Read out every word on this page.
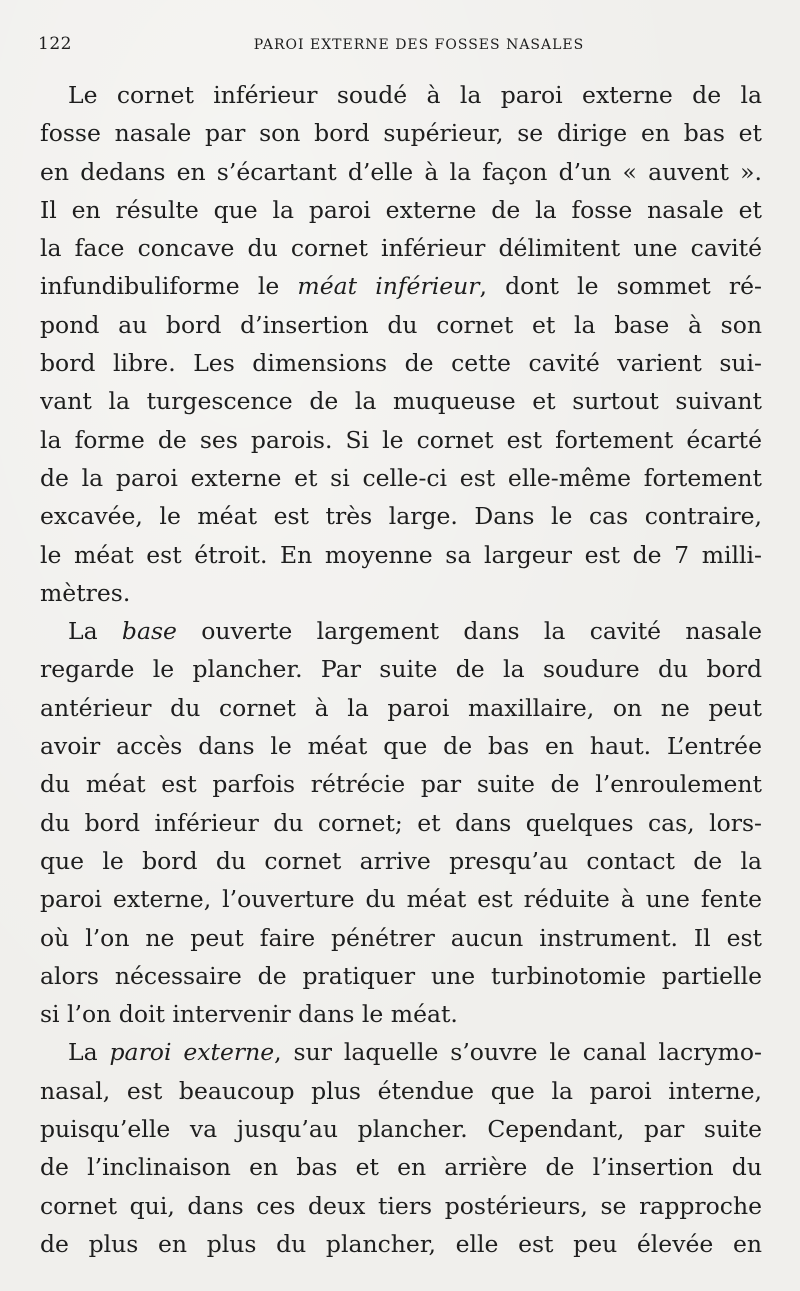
122	PAROI EXTERNE DES FOSSES NASALES
Le cornet inférieur soudé à la paroi externe de la
fosse nasale par son bord supérieur, se dirige en bas et
en dedans en s’écartant d’elle à la façon d’un « auvent ».
Il en résulte que la paroi externe de la fosse nasale et
la face concave du cornet inférieur délimitent une cavité
infundibuliforme le méat inférieur, dont le sommet ré-
pond au bord d’insertion du cornet et la base à son
bord libre. Les dimensions de cette cavité varient sui-
vant la turgescence de la muqueuse et surtout suivant
la forme de ses parois. Si le cornet est fortement écarté
de la paroi externe et si celle-ci est elle-même fortement
excavée, le méat est très large. Dans le cas contraire,
le méat est étroit. En moyenne sa largeur est de 7 milli-
mètres.
La base ouverte largement dans la cavité nasale
regarde le plancher. Par suite de la soudure du bord
antérieur du cornet à la paroi maxillaire, on ne peut
avoir accès dans le méat que de bas en haut. L’entrée
du méat est parfois rétrécie par suite de l’enroulement
du bord inférieur du cornet; et dans quelques cas, lors-
que le bord du cornet arrive presqu’au contact de la
paroi externe, l’ouverture du méat est réduite à une fente
où l’on ne peut faire pénétrer aucun instrument. Il est
alors nécessaire de pratiquer une turbinotomie partielle
si l’on doit intervenir dans le méat.
La paroi externe, sur laquelle s’ouvre le canal lacrymo-
nasal, est beaucoup plus étendue que la paroi interne,
puisqu’elle va jusqu’au plancher. Cependant, par suite
de l’inclinaison en bas et en arrière de l’insertion du
cornet qui, dans ces deux tiers postérieurs, se rapproche
de plus en plus du plancher, elle est peu élevée en
